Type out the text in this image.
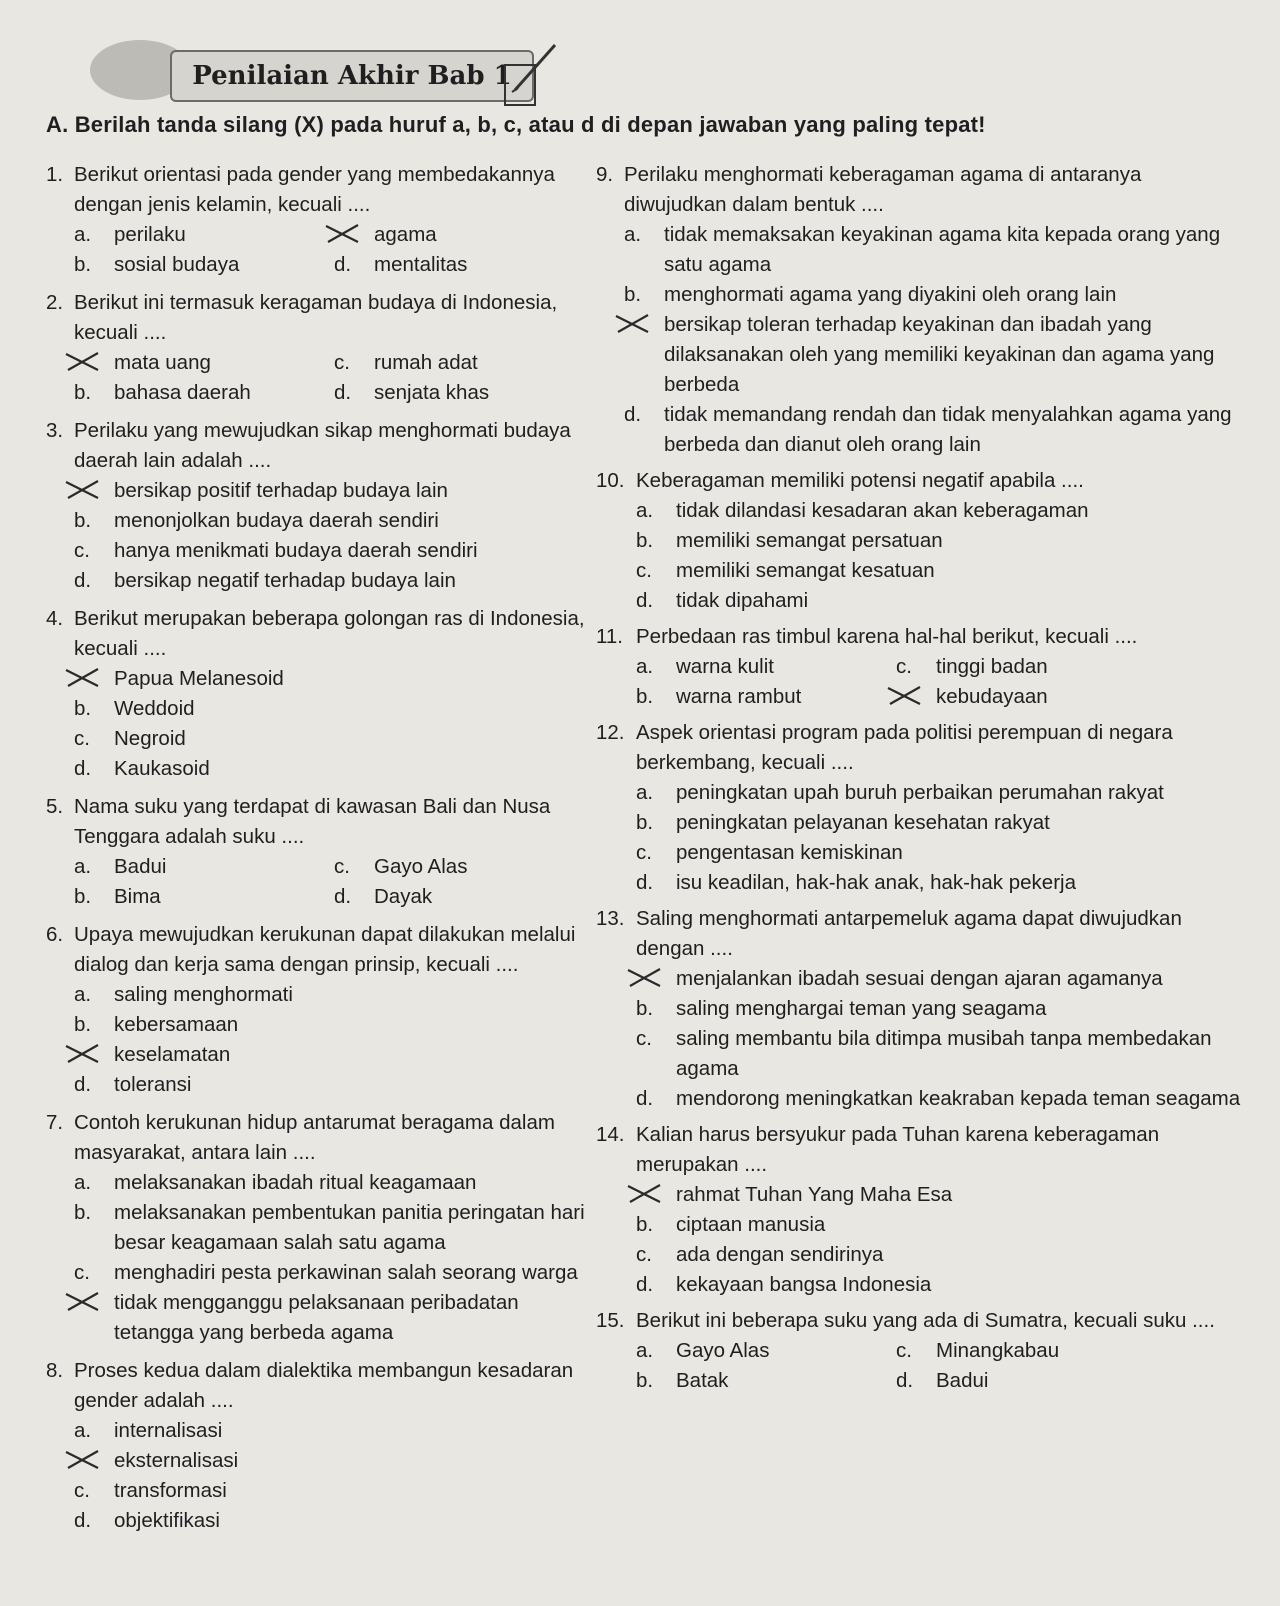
Penilaian Akhir Bab 1
A. Berilah tanda silang (X) pada huruf a, b, c, atau d di depan jawaban yang paling tepat!
1. Berikut orientasi pada gender yang membedakannya dengan jenis kelamin, kecuali ....
a.	perilaku	agama
b.	sosial budaya	d.	mentalitas
2. Berikut ini termasuk keragaman budaya di Indonesia, kecuali ....
mata uang	c.	rumah adat
b.	bahasa daerah	d.	senjata khas
3. Perilaku yang mewujudkan sikap menghormati budaya daerah lain adalah ....
bersikap positif terhadap budaya lain
b.	menonjolkan budaya daerah sendiri
c.	hanya menikmati budaya daerah sendiri
d.	bersikap negatif terhadap budaya lain
4. Berikut merupakan beberapa golongan ras di Indonesia, kecuali ....
Papua Melanesoid
b.	Weddoid
c.	Negroid
d.	Kaukasoid
5. Nama suku yang terdapat di kawasan Bali dan Nusa Tenggara adalah suku ....
a.	Badui	c.	Gayo Alas
b.	Bima	d.	Dayak
6. Upaya mewujudkan kerukunan dapat dilakukan melalui dialog dan kerja sama dengan prinsip, kecuali ....
a.	saling menghormati
b.	kebersamaan
keselamatan
d.	toleransi
7. Contoh kerukunan hidup antarumat beragama dalam masyarakat, antara lain ....
a.	melaksanakan ibadah ritual keagamaan
b.	melaksanakan pembentukan panitia peringatan hari besar keagamaan salah satu agama
c.	menghadiri pesta perkawinan salah seorang warga
tidak mengganggu pelaksanaan peribadatan tetangga yang berbeda agama
8. Proses kedua dalam dialektika membangun kesadaran gender adalah ....
a.	internalisasi
eksternalisasi
c.	transformasi
d.	objektifikasi
9. Perilaku menghormati keberagaman agama di antaranya diwujudkan dalam bentuk ....
a.	tidak memaksakan keyakinan agama kita kepada orang yang satu agama
b.	menghormati agama yang diyakini oleh orang lain
bersikap toleran terhadap keyakinan dan ibadah yang dilaksanakan oleh yang memiliki keyakinan dan agama yang berbeda
d.	tidak memandang rendah dan tidak menyalahkan agama yang berbeda dan dianut oleh orang lain
10. Keberagaman memiliki potensi negatif apabila ....
a.	tidak dilandasi kesadaran akan keberagaman
b.	memiliki semangat persatuan
c.	memiliki semangat kesatuan
d.	tidak dipahami
11. Perbedaan ras timbul karena hal-hal berikut, kecuali ....
a.	warna kulit	c.	tinggi badan
b.	warna rambut	kebudayaan
12. Aspek orientasi program pada politisi perempuan di negara berkembang, kecuali ....
a.	peningkatan upah buruh perbaikan perumahan rakyat
b.	peningkatan pelayanan kesehatan rakyat
c.	pengentasan kemiskinan
d.	isu keadilan, hak-hak anak, hak-hak pekerja
13. Saling menghormati antarpemeluk agama dapat diwujudkan dengan ....
menjalankan ibadah sesuai dengan ajaran agamanya
b.	saling menghargai teman yang seagama
c.	saling membantu bila ditimpa musibah tanpa membedakan agama
d.	mendorong meningkatkan keakraban kepada teman seagama
14. Kalian harus bersyukur pada Tuhan karena keberagaman merupakan ....
rahmat Tuhan Yang Maha Esa
b.	ciptaan manusia
c.	ada dengan sendirinya
d.	kekayaan bangsa Indonesia
15. Berikut ini beberapa suku yang ada di Sumatra, kecuali suku ....
a.	Gayo Alas	c.	Minangkabau
b.	Batak	d.	Badui
